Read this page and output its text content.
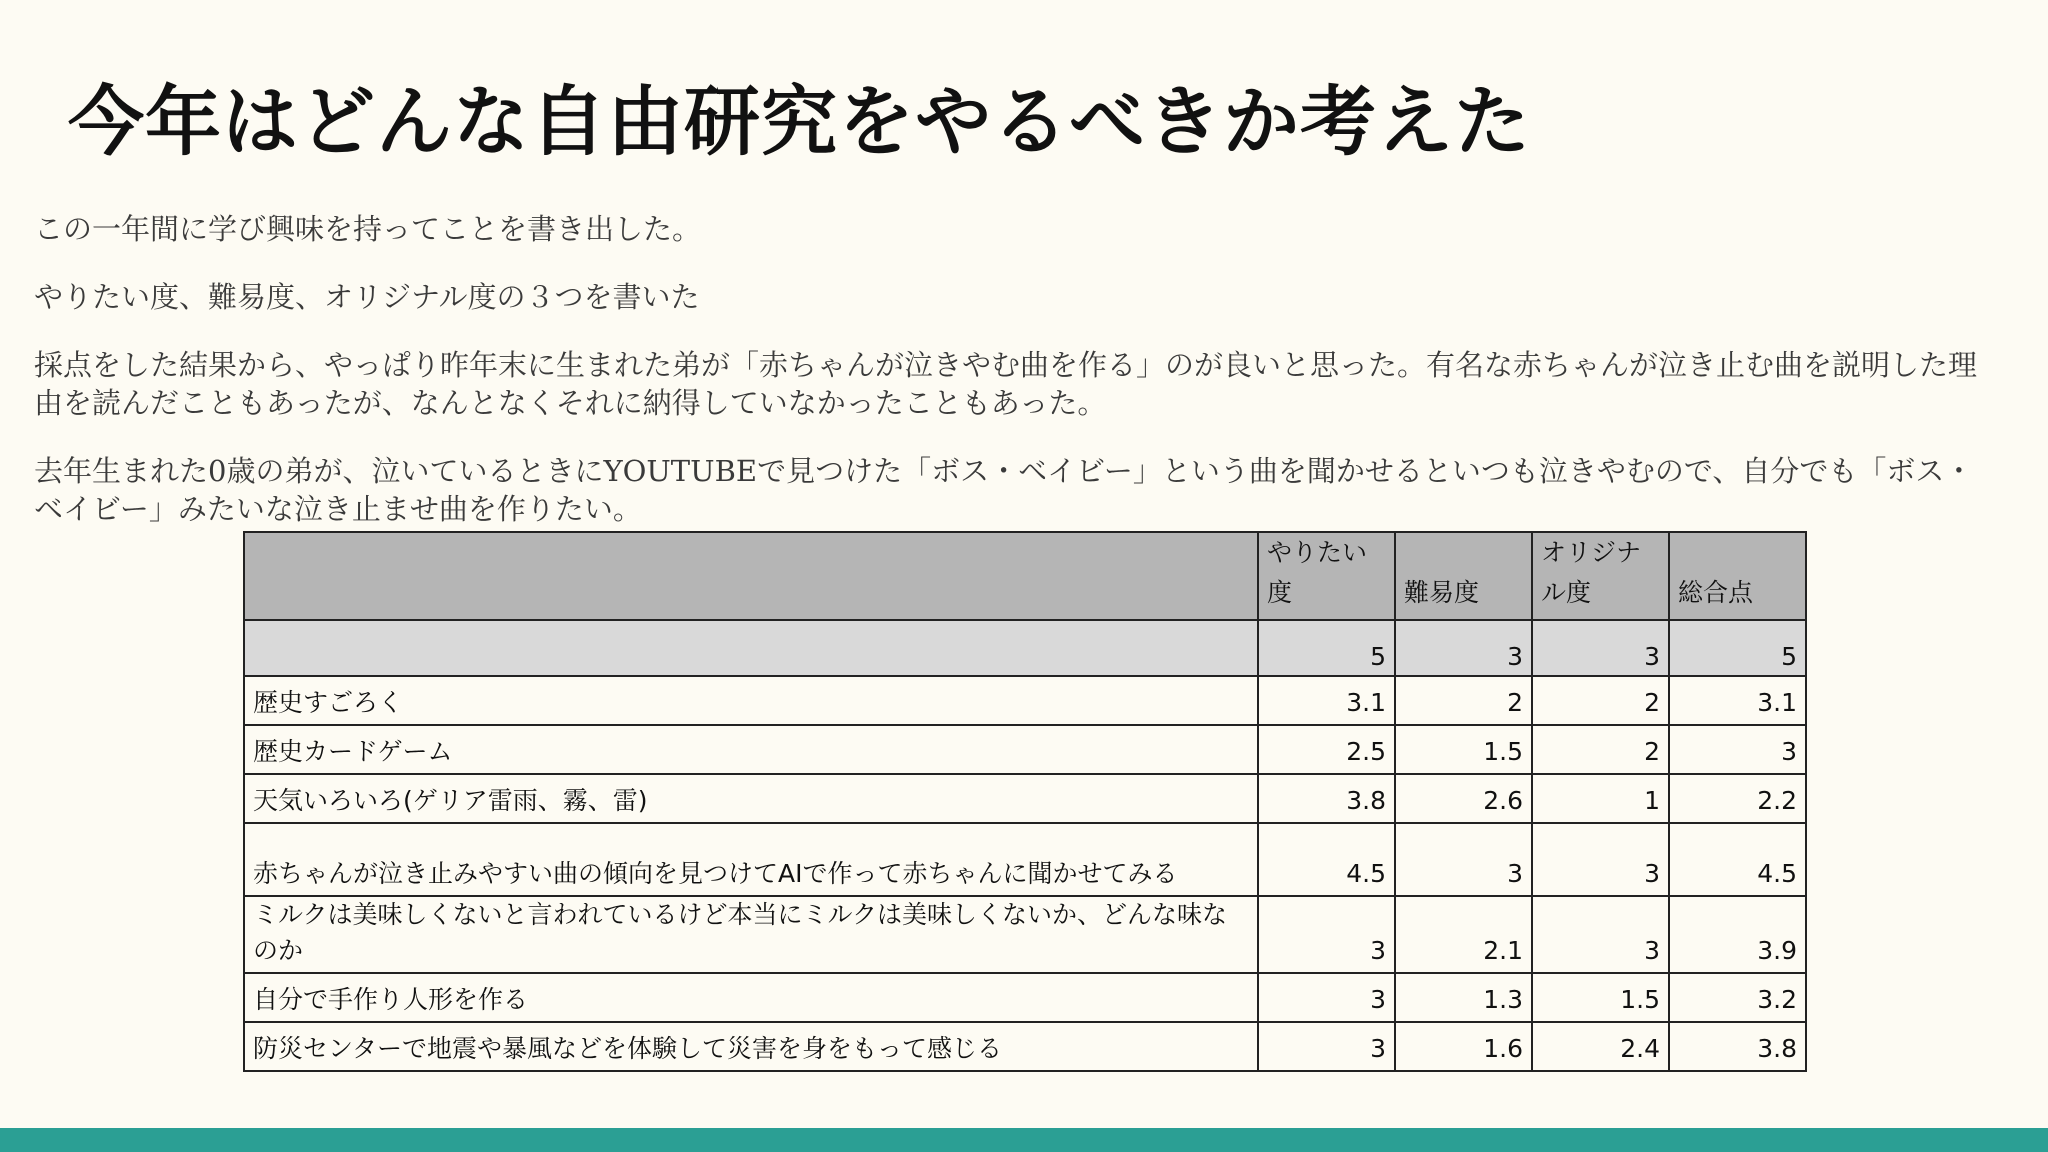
今年はどんな自由研究をやるべきか考えた

この一年間に学び興味を持ってことを書き出した。

やりたい度、難易度、オリジナル度の３つを書いた

採点をした結果から、やっぱり昨年末に生まれた弟が「赤ちゃんが泣きやむ曲を作る」のが良いと思った。有名な赤ちゃんが泣き止む曲を説明した理由を読んだこともあったが、なんとなくそれに納得していなかったこともあった。

去年生まれた0歳の弟が、泣いているときにYOUTUBEで見つけた「ボス・ベイビー」という曲を聞かせるといつも泣きやむので、自分でも「ボス・ベイビー」みたいな泣き止ませ曲を作りたい。

	やりたい度	難易度	オリジナル度	総合点
	5	3	3	5
歴史すごろく	3.1	2	2	3.1
歴史カードゲーム	2.5	1.5	2	3
天気いろいろ(ゲリア雷雨、霧、雷)	3.8	2.6	1	2.2
赤ちゃんが泣き止みやすい曲の傾向を見つけてAIで作って赤ちゃんに聞かせてみる	4.5	3	3	4.5
ミルクは美味しくないと言われているけど本当にミルクは美味しくないか、どんな味なのか	3	2.1	3	3.9
自分で手作り人形を作る	3	1.3	1.5	3.2
防災センターで地震や暴風などを体験して災害を身をもって感じる	3	1.6	2.4	3.8
